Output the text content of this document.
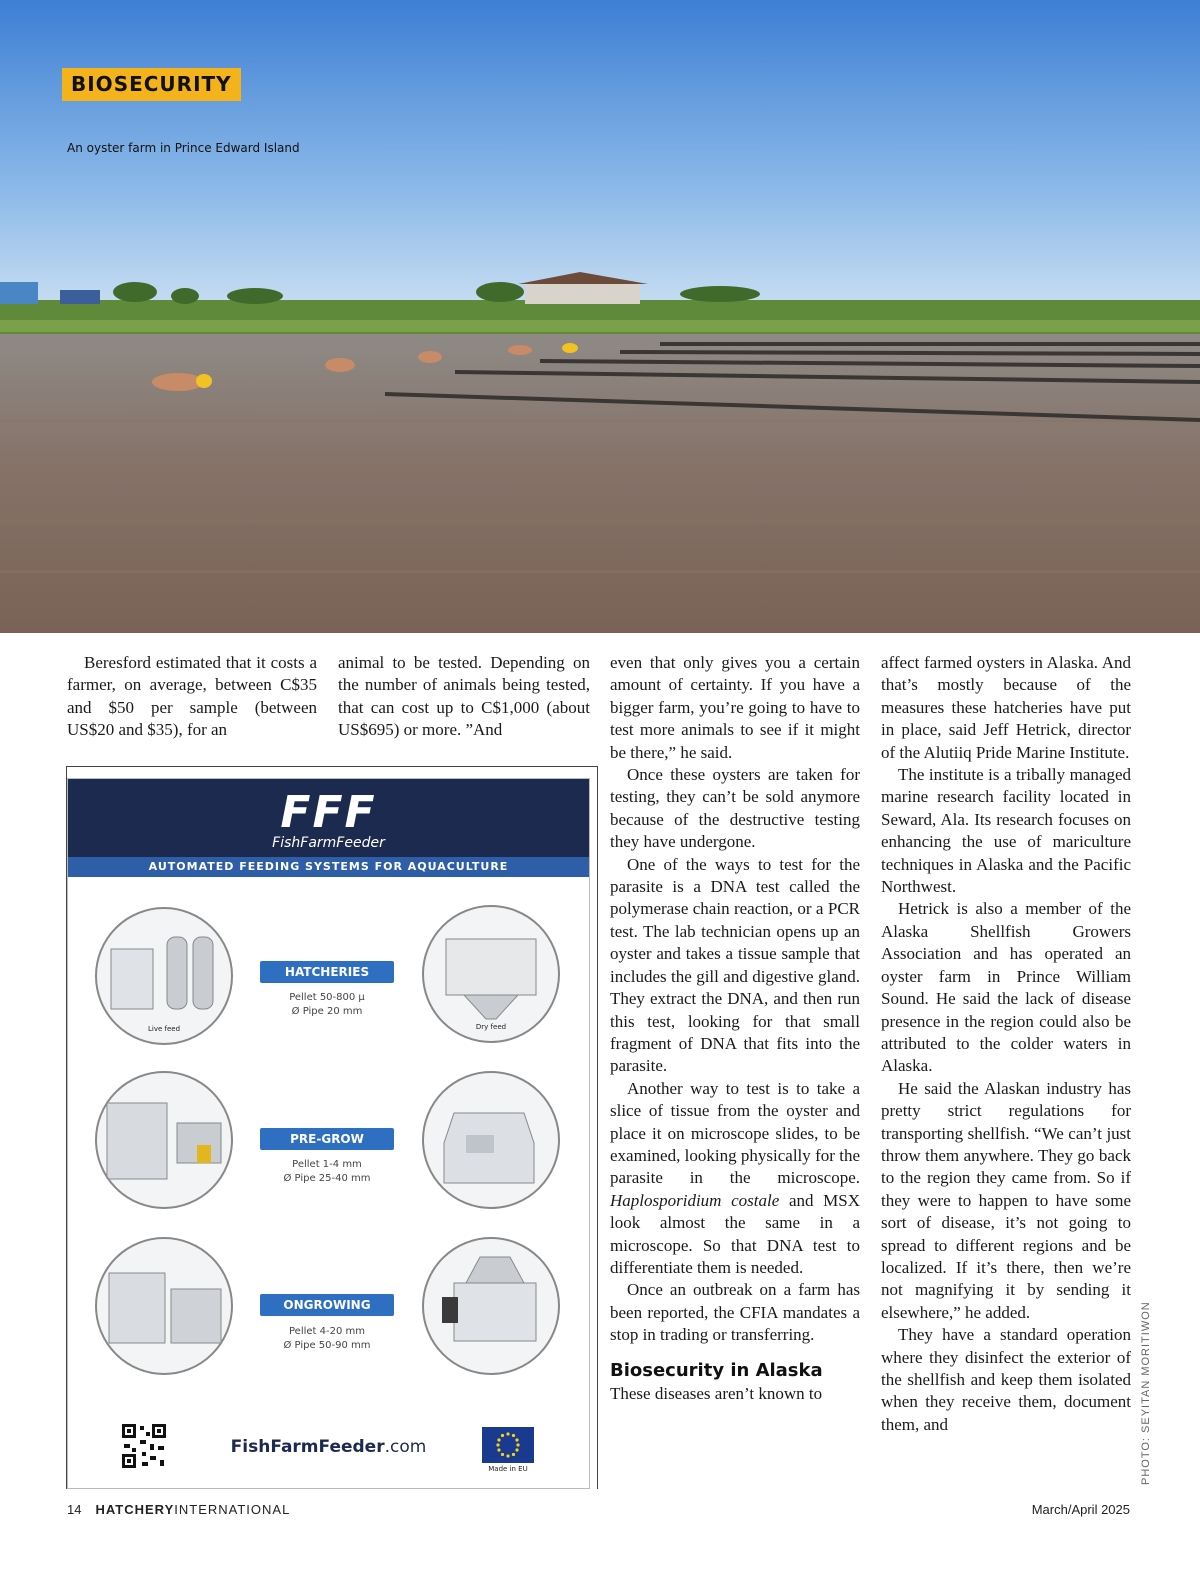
BIOSECURITY
An oyster farm in Prince Edward Island
PHOTO: SEYITAN MORITIWON

Beresford estimated that it costs a farmer, on average, between C$35 and $50 per sample (between US$20 and $35), for an

animal to be tested. Depending on the number of animals being tested, that can cost up to C$1,000 (about US$695) or more. ”And

even that only gives you a certain amount of certainty. If you have a bigger farm, you’re going to have to test more animals to see if it might be there,” he said.

Once these oysters are taken for testing, they can’t be sold anymore because of the destructive testing they have undergone.

One of the ways to test for the parasite is a DNA test called the polymerase chain reaction, or a PCR test. The lab technician opens up an oyster and takes a tissue sample that includes the gill and digestive gland. They extract the DNA, and then run this test, looking for that small fragment of DNA that fits into the parasite.

Another way to test is to take a slice of tissue from the oyster and place it on microscope slides, to be examined, looking physically for the parasite in the microscope. Haplosporidium costale and MSX look almost the same in a microscope. So that DNA test to differentiate them is needed.

Once an outbreak on a farm has been reported, the CFIA mandates a stop in trading or transferring.

Biosecurity in Alaska

These diseases aren’t known to

affect farmed oysters in Alaska. And that’s mostly because of the measures these hatcheries have put in place, said Jeff Hetrick, director of the Alutiiq Pride Marine Institute.

The institute is a tribally managed marine research facility located in Seward, Ala. Its research focuses on enhancing the use of mariculture techniques in Alaska and the Pacific Northwest.

Hetrick is also a member of the Alaska Shellfish Growers Association and has operated an oyster farm in Prince William Sound. He said the lack of disease presence in the region could also be attributed to the colder waters in Alaska.

He said the Alaskan industry has pretty strict regulations for transporting shellfish. “We can’t just throw them anywhere. They go back to the region they came from. So if they were to happen to have some sort of disease, it’s not going to spread to different regions and be localized. If it’s there, then we’re not magnifying it by sending it elsewhere,” he added.

They have a standard operation where they disinfect the exterior of the shellfish and keep them isolated when they receive them, document them, and

FFF
FishFarmFeeder
AUTOMATED FEEDING SYSTEMS FOR AQUACULTURE
Live feed
HATCHERIES
Pellet 50-800 µ
Ø Pipe 20 mm
Dry feed
PRE-GROW
Pellet 1-4 mm
Ø Pipe 25-40 mm
ONGROWING
Pellet 4-20 mm
Ø Pipe 50-90 mm
FishFarmFeeder.com
Made in EU
14 HATCHERYINTERNATIONAL	March/April 2025
